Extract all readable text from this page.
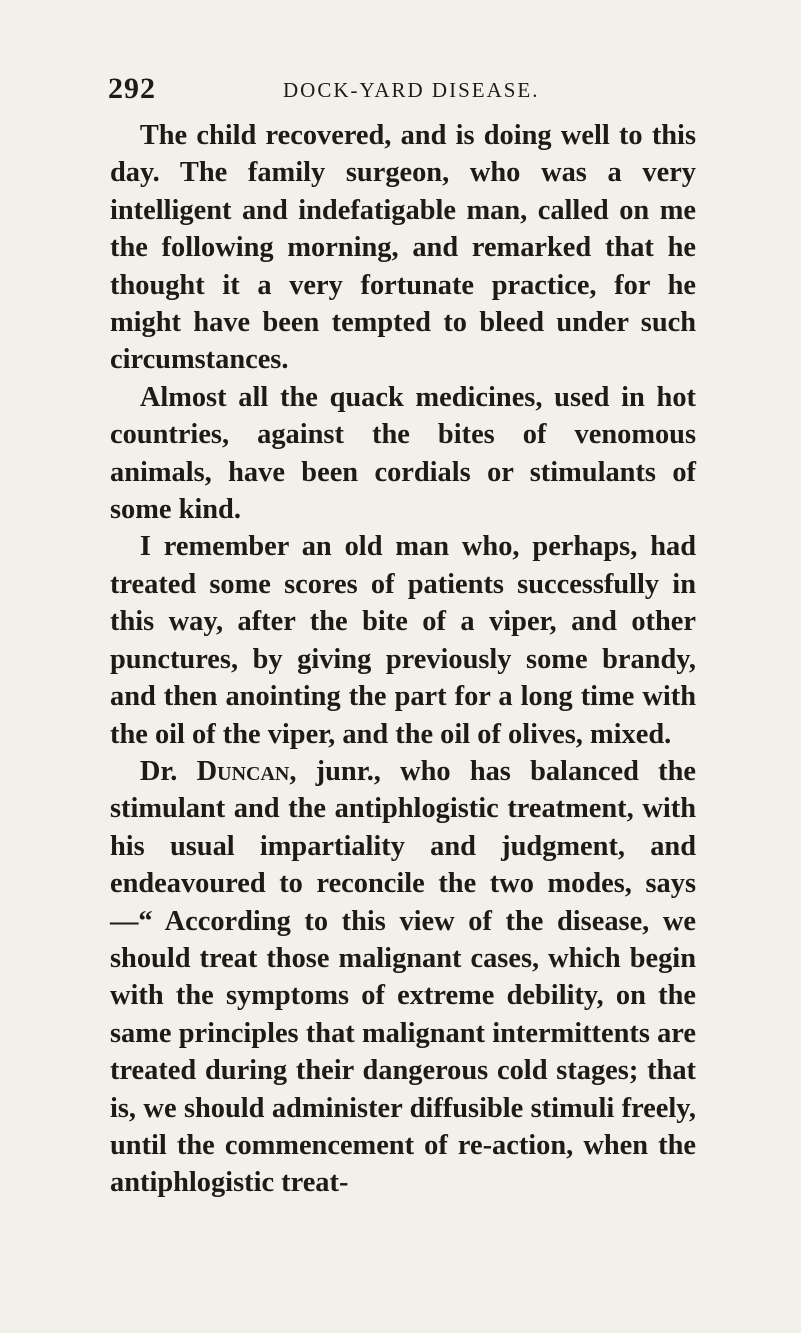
292	DOCK-YARD DISEASE.

The child recovered, and is doing well to this day. The family surgeon, who was a very intelligent and indefatigable man, called on me the following morning, and remarked that he thought it a very fortunate practice, for he might have been tempted to bleed under such circumstances.

Almost all the quack medicines, used in hot countries, against the bites of venomous animals, have been cordials or stimulants of some kind.

I remember an old man who, perhaps, had treated some scores of patients successfully in this way, after the bite of a viper, and other punctures, by giving previously some brandy, and then anointing the part for a long time with the oil of the viper, and the oil of olives, mixed.

Dr. Duncan, junr., who has balanced the stimulant and the antiphlogistic treatment, with his usual impartiality and judgment, and endeavoured to reconcile the two modes, says—“ According to this view of the disease, we should treat those malignant cases, which begin with the symptoms of extreme debility, on the same principles that malignant intermittents are treated during their dangerous cold stages; that is, we should administer diffusible stimuli freely, until the commencement of re-action, when the antiphlogistic treat-
